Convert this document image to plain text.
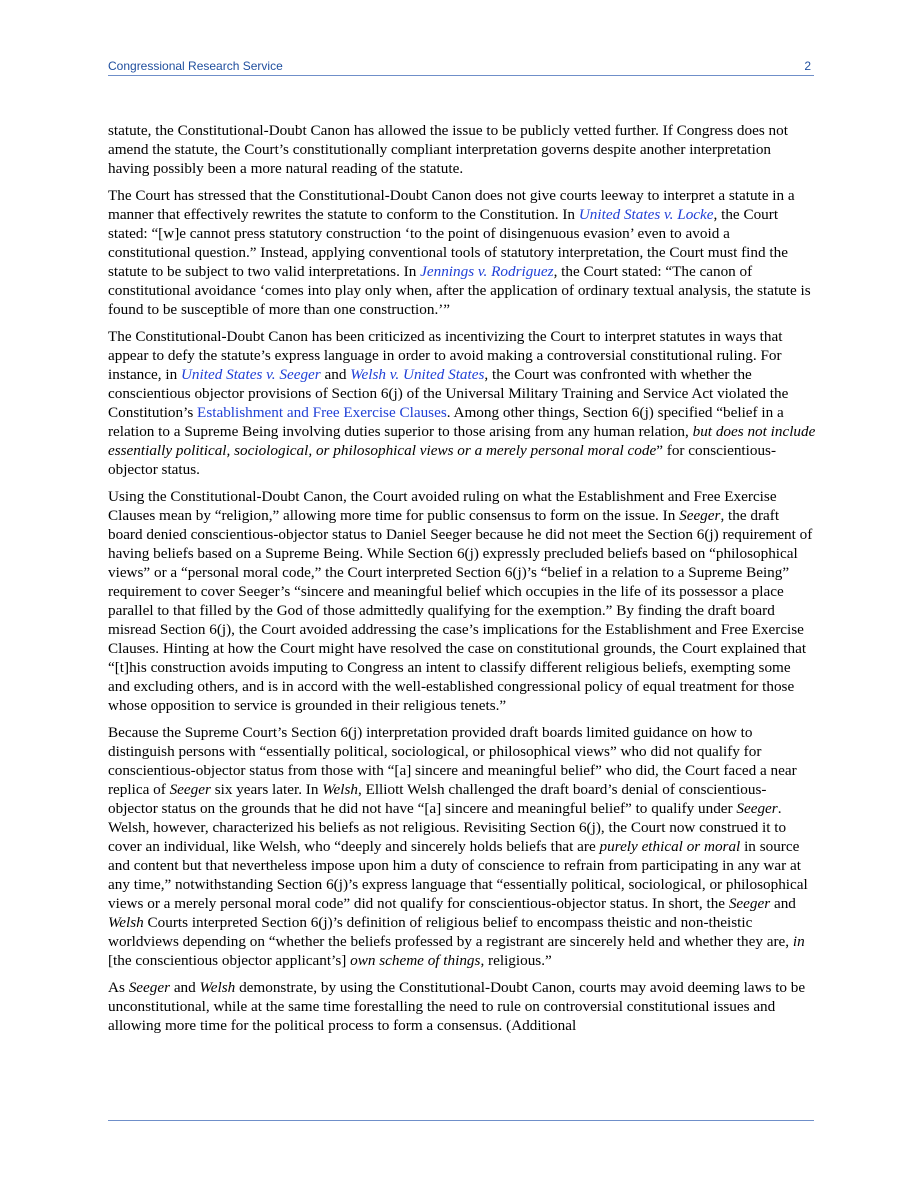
Congressional Research Service	2

statute, the Constitutional-Doubt Canon has allowed the issue to be publicly vetted further. If Congress does not amend the statute, the Court’s constitutionally compliant interpretation governs despite another interpretation having possibly been a more natural reading of the statute.

The Court has stressed that the Constitutional-Doubt Canon does not give courts leeway to interpret a statute in a manner that effectively rewrites the statute to conform to the Constitution. In United States v. Locke, the Court stated: “[w]e cannot press statutory construction ‘to the point of disingenuous evasion’ even to avoid a constitutional question.” Instead, applying conventional tools of statutory interpretation, the Court must find the statute to be subject to two valid interpretations. In Jennings v. Rodriguez, the Court stated: “The canon of constitutional avoidance ‘comes into play only when, after the application of ordinary textual analysis, the statute is found to be susceptible of more than one construction.’”

The Constitutional-Doubt Canon has been criticized as incentivizing the Court to interpret statutes in ways that appear to defy the statute’s express language in order to avoid making a controversial constitutional ruling. For instance, in United States v. Seeger and Welsh v. United States, the Court was confronted with whether the conscientious objector provisions of Section 6(j) of the Universal Military Training and Service Act violated the Constitution’s Establishment and Free Exercise Clauses. Among other things, Section 6(j) specified “belief in a relation to a Supreme Being involving duties superior to those arising from any human relation, but does not include essentially political, sociological, or philosophical views or a merely personal moral code” for conscientious-objector status.

Using the Constitutional-Doubt Canon, the Court avoided ruling on what the Establishment and Free Exercise Clauses mean by “religion,” allowing more time for public consensus to form on the issue. In Seeger, the draft board denied conscientious-objector status to Daniel Seeger because he did not meet the Section 6(j) requirement of having beliefs based on a Supreme Being. While Section 6(j) expressly precluded beliefs based on “philosophical views” or a “personal moral code,” the Court interpreted Section 6(j)’s “belief in a relation to a Supreme Being” requirement to cover Seeger’s “sincere and meaningful belief which occupies in the life of its possessor a place parallel to that filled by the God of those admittedly qualifying for the exemption.” By finding the draft board misread Section 6(j), the Court avoided addressing the case’s implications for the Establishment and Free Exercise Clauses. Hinting at how the Court might have resolved the case on constitutional grounds, the Court explained that “[t]his construction avoids imputing to Congress an intent to classify different religious beliefs, exempting some and excluding others, and is in accord with the well-established congressional policy of equal treatment for those whose opposition to service is grounded in their religious tenets.”

Because the Supreme Court’s Section 6(j) interpretation provided draft boards limited guidance on how to distinguish persons with “essentially political, sociological, or philosophical views” who did not qualify for conscientious-objector status from those with “[a] sincere and meaningful belief” who did, the Court faced a near replica of Seeger six years later. In Welsh, Elliott Welsh challenged the draft board’s denial of conscientious-objector status on the grounds that he did not have “[a] sincere and meaningful belief” to qualify under Seeger. Welsh, however, characterized his beliefs as not religious. Revisiting Section 6(j), the Court now construed it to cover an individual, like Welsh, who “deeply and sincerely holds beliefs that are purely ethical or moral in source and content but that nevertheless impose upon him a duty of conscience to refrain from participating in any war at any time,” notwithstanding Section 6(j)’s express language that “essentially political, sociological, or philosophical views or a merely personal moral code” did not qualify for conscientious-objector status. In short, the Seeger and Welsh Courts interpreted Section 6(j)’s definition of religious belief to encompass theistic and non-theistic worldviews depending on “whether the beliefs professed by a registrant are sincerely held and whether they are, in [the conscientious objector applicant’s] own scheme of things, religious.”

As Seeger and Welsh demonstrate, by using the Constitutional-Doubt Canon, courts may avoid deeming laws to be unconstitutional, while at the same time forestalling the need to rule on controversial constitutional issues and allowing more time for the political process to form a consensus. (Additional
